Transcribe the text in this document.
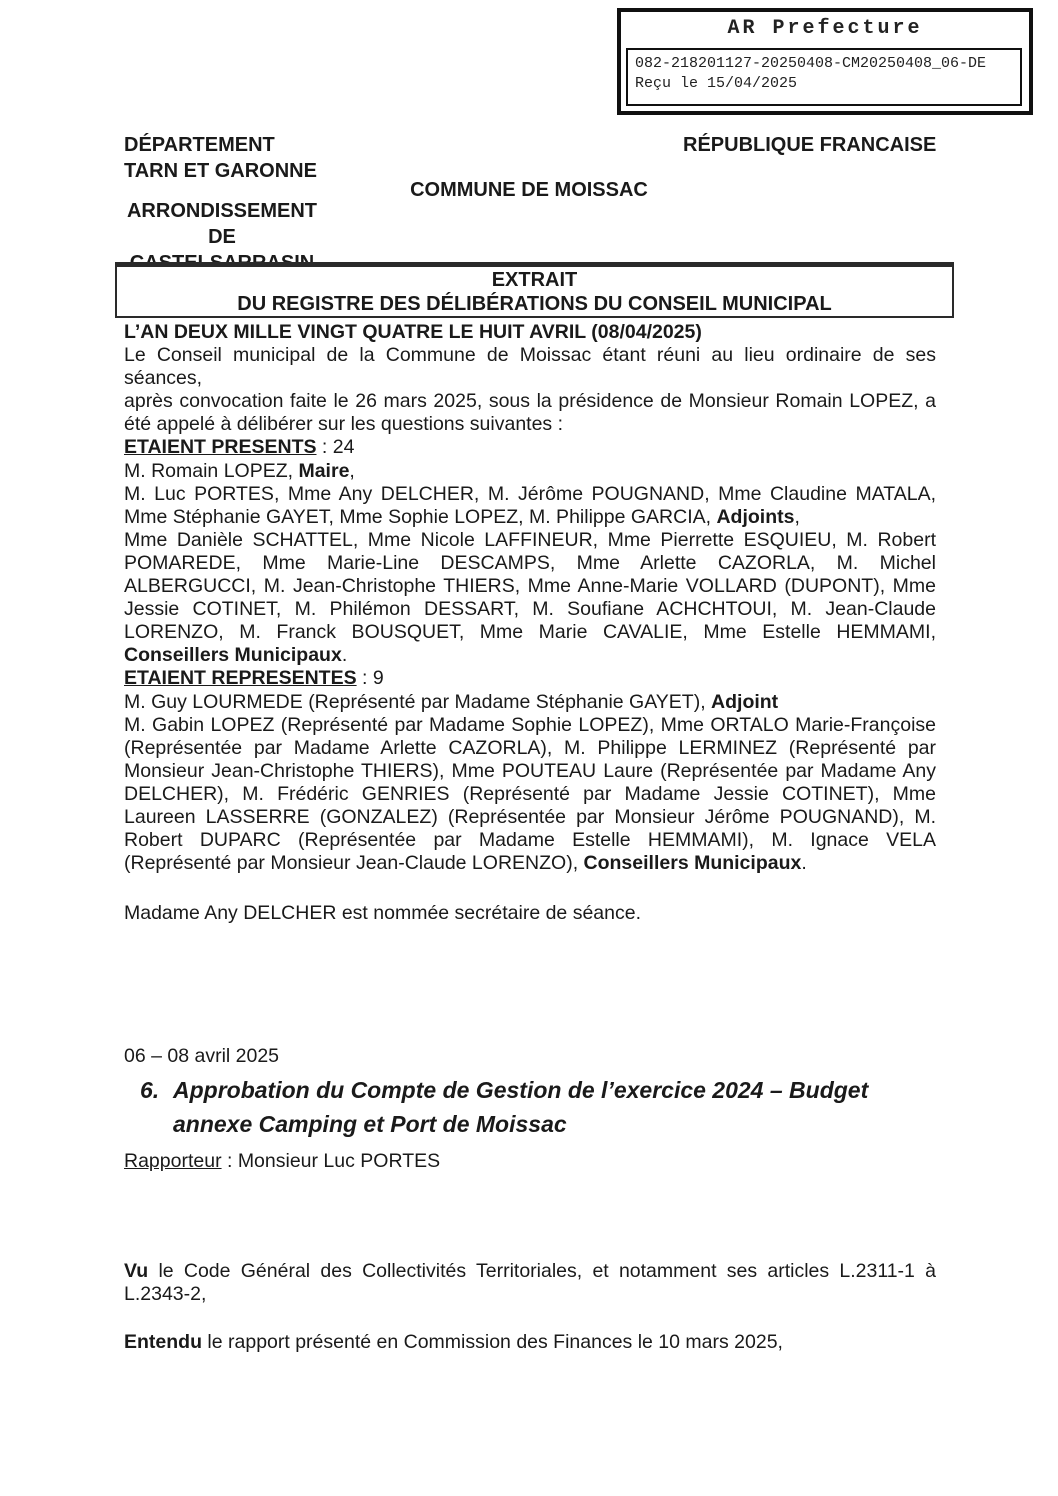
AR Prefecture
082-218201127-20250408-CM20250408_06-DE
Reçu le 15/04/2025
DÉPARTEMENT
TARN ET GARONNE
RÉPUBLIQUE FRANCAISE
COMMUNE DE MOISSAC
ARRONDISSEMENT
DE
EXTRAIT
DU REGISTRE DES DÉLIBÉRATIONS DU CONSEIL MUNICIPAL
L’AN DEUX MILLE VINGT QUATRE LE HUIT AVRIL (08/04/2025)
Le Conseil municipal de la Commune de Moissac étant réuni au lieu ordinaire de ses séances,
après convocation faite le 26 mars 2025, sous la présidence de Monsieur Romain LOPEZ, a
été appelé à délibérer sur les questions suivantes :
ETAIENT PRESENTS : 24
M. Romain LOPEZ, Maire,
M. Luc PORTES, Mme Any DELCHER, M. Jérôme POUGNAND, Mme Claudine MATALA,
Mme Stéphanie GAYET, Mme Sophie LOPEZ, M. Philippe GARCIA, Adjoints,
Mme Danièle SCHATTEL, Mme Nicole LAFFINEUR, Mme Pierrette ESQUIEU, M. Robert
POMAREDE, Mme Marie-Line DESCAMPS, Mme Arlette CAZORLA, M. Michel
ALBERGUCCI, M. Jean-Christophe THIERS, Mme Anne-Marie VOLLARD (DUPONT), Mme
Jessie COTINET, M. Philémon DESSART, M. Soufiane ACHCHTOUI, M. Jean-Claude
LORENZO, M. Franck BOUSQUET, Mme Marie CAVALIE, Mme Estelle HEMMAMI,
Conseillers Municipaux.
ETAIENT REPRESENTES : 9
M. Guy LOURMEDE (Représenté par Madame Stéphanie GAYET), Adjoint
M. Gabin LOPEZ (Représenté par Madame Sophie LOPEZ), Mme ORTALO Marie-Françoise
(Représentée par Madame Arlette CAZORLA), M. Philippe LERMINEZ (Représenté par
Monsieur Jean-Christophe THIERS), Mme POUTEAU Laure (Représentée par Madame Any
DELCHER), M. Frédéric GENRIES (Représenté par Madame Jessie COTINET), Mme
Laureen LASSERRE (GONZALEZ) (Représentée par Monsieur Jérôme POUGNAND), M.
Robert DUPARC (Représentée par Madame Estelle HEMMAMI), M. Ignace VELA
(Représenté par Monsieur Jean-Claude LORENZO), Conseillers Municipaux.
Madame Any DELCHER est nommée secrétaire de séance.
06 – 08 avril 2025
6. Approbation du Compte de Gestion de l’exercice 2024 – Budget
annexe Camping et Port de Moissac
Rapporteur : Monsieur Luc PORTES
Vu le Code Général des Collectivités Territoriales, et notamment ses articles L.2311-1 à
L.2343-2,
Entendu le rapport présenté en Commission des Finances le 10 mars 2025,
